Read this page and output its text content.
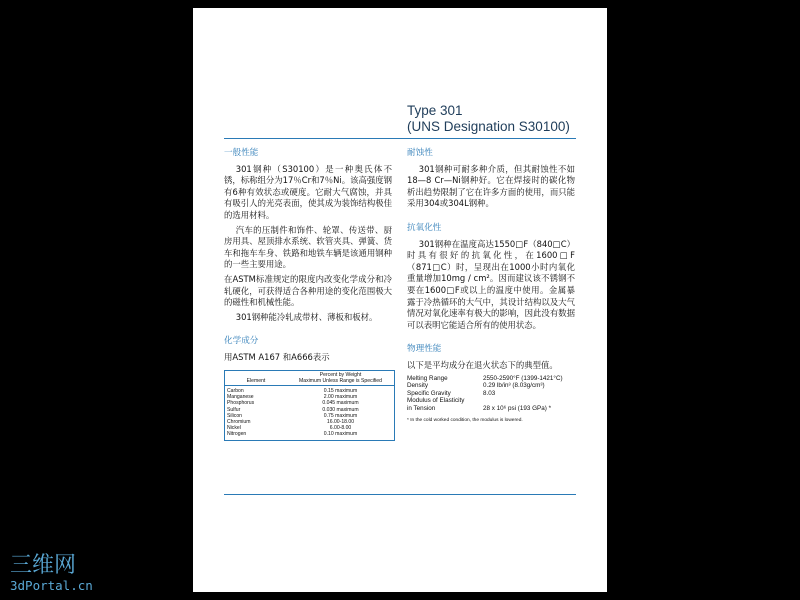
Type 301
(UNS Designation S30100)
一般性能

301钢种（S30100）是一种奥氏体不锈，标称组分为17％Cr和7％Ni。该高强度钢有6种有效状态或硬度。它耐大气腐蚀，并具有吸引人的光亮表面，使其成为装饰结构极佳的选用材料。

汽车的压制件和饰件、轮罩、传送带、厨房用具、屋顶排水系统、软管夹具、弹簧、货车和拖车车身、铁路和地铁车辆是该通用钢种的一些主要用途。

在ASTM标准规定的限度内改变化学成分和冷轧硬化，可获得适合各种用途的变化范围极大的磁性和机械性能。

301钢种能冷轧成带材、薄板和板材。

化学成分

用ASTM A167 和A666表示

Element	Percent by Weight
Maximum Unless Range is Specified

Carbon	0.15 maximum
Manganese	2.00 maximum
Phosphorus	0.045 maximum
Sulfur	0.030 maximum
Silicon	0.75 maximum
Chromium	16.00-18.00
Nickel	6.00-8.00
Nitrogen	0.10 maximum
耐蚀性

301钢种可耐多种介质，但其耐蚀性不如18—8 Cr—Ni钢种好。它在焊接时的碳化物析出趋势限制了它在许多方面的使用，而只能采用304或304L钢种。

抗氧化性

301钢种在温度高达1550□F（840□C）时具有很好的抗氧化性，在1600□F（871□C）时，呈现出在1000小时内氧化重量增加10mg / cm²。因而建议该不锈钢不要在1600□F或以上的温度中使用。金属暴露于冷热循环的大气中，其设计结构以及大气情况对氧化速率有极大的影响，因此没有数据可以表明它能适合所有的使用状态。

物理性能

以下是平均成分在退火状态下的典型值。

Melting Range	2550-2590°F (1399-1421°C)
Density	0.29 lb/in³ (8.03g/cm³)
Specific Gravity	8.03
Modulus of Elasticity
in Tension	28 x 10⁶ psi (193 GPa) *
* In the cold worked condition, the modulus is lowered.
三维网
3dPortal.cn
